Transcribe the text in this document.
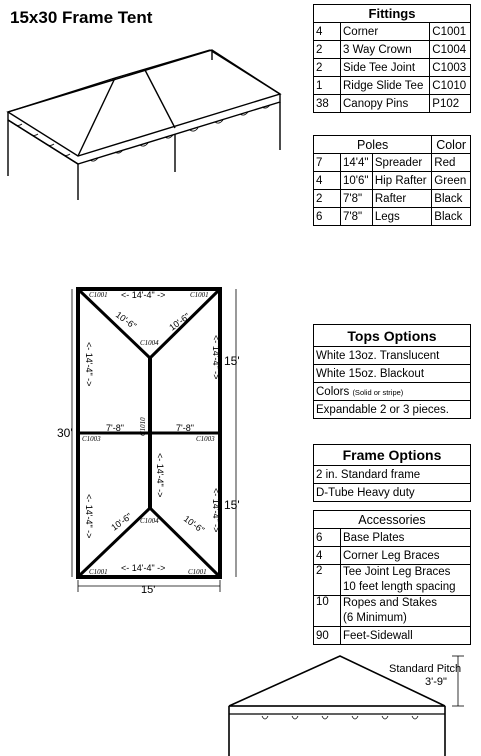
15x30 Frame Tent	Fittings		
4	Corner	C1001
2	3 Way Crown	C1004
2	Side Tee Joint	C1003
1	Ridge Slide Tee	C1010
38	Canopy Pins	P102
Poles			Color
7	14'4"	Spreader	Red
4	10'6"	Hip Rafter	Green
2	7'8"	Rafter	Black
6	7'8"	Legs	Black
Tops Options
White 13oz. Translucent
White 15oz. Blackout
Colors (Solid or stripe)
Expandable 2 or 3 pieces.
Frame Options
2 in. Standard frame
D-Tube Heavy duty
Accessories	
6	Base Plates
4	Corner Leg Braces
2	Tee Joint Leg Braces
10 feet length spacing

10	Ropes and Stakes
(6 Minimum)

90	Feet-Sidewall
C1001	C1001
C1001	C1001
C1004
C1004
C1003	C1003
C1010
<- 14'-4" ->
<- 14'-4" ->
10'-6"	10'-6"
10'-6"	10'-6"
<- 14'-4" ->	<- 14'-4" ->
<- 14'-4" ->	<- 14'-4" ->
<- 14'-4" ->
7'-8"	7'-8"
15'
15'
15'
30'
Standard Pitch
3'-9"
